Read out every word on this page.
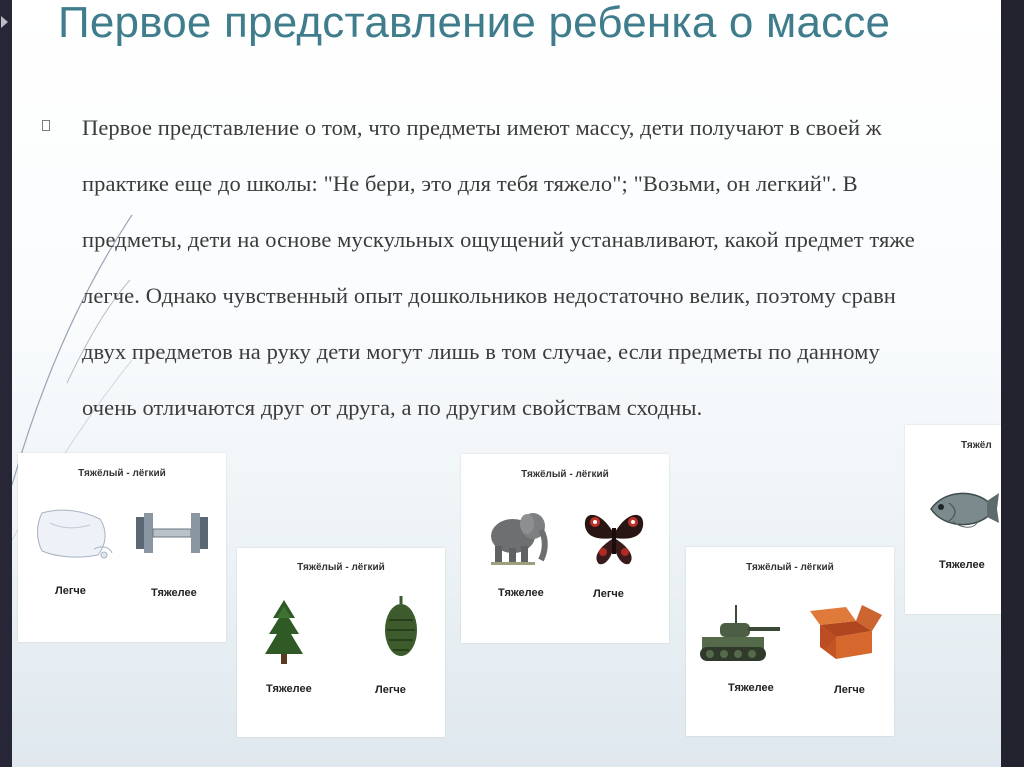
Первое представление ребенка о массе
Первое представление о том, что предметы имеют массу, дети получают в своей ж
практике еще до школы: "Не бери, это для тебя тяжело"; "Возьми, он легкий". В
предметы, дети на основе мускульных ощущений устанавливают, какой предмет тяже
легче. Однако чувственный опыт дошкольников недостаточно велик, поэтому сравн
двух предметов на руку дети могут лишь в том случае, если предметы по данному
очень отличаются друг от друга, а по другим свойствам сходны.
Тяжёлый - лёгкий
Легче	Тяжелее
Тяжёлый - лёгкий
Тяжелее	Легче
Тяжёлый - лёгкий
Тяжелее	Легче
Тяжёлый - лёгкий
Тяжелее	Легче
Тяжёл
Тяжелее
